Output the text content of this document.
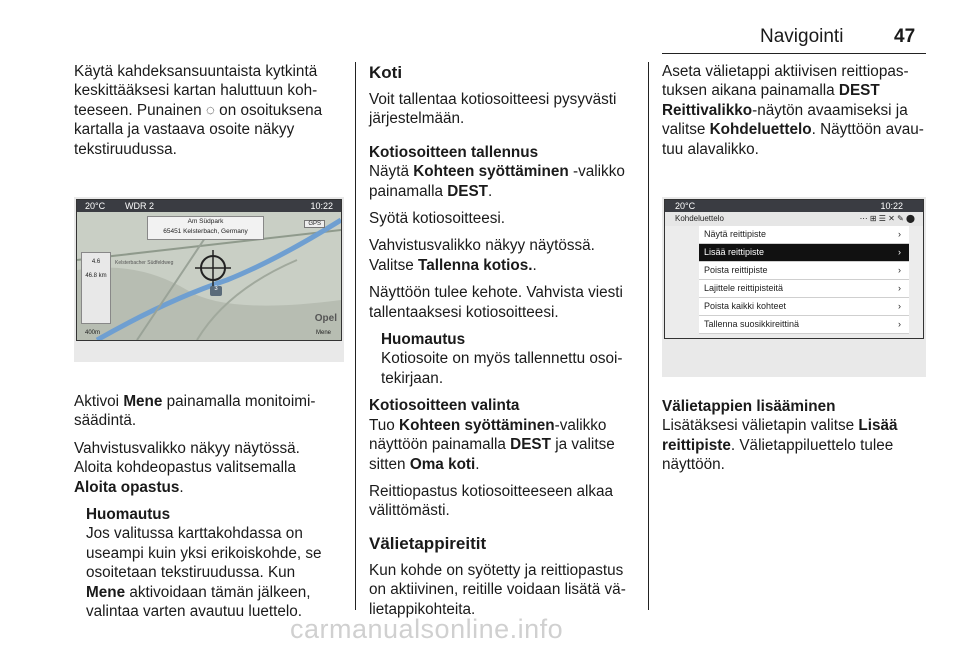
Navigointi	47

Käytä kahdeksansuuntaista kytkintä
keskittääksesi kartan haluttuun koh-
teeseen. Punainen ◌ on osoituksena
kartalla ja vastaava osoite näkyy
tekstiruudussa.

20°C WDR 2	10:22
Am Südpark
65451 Kelsterbach, Germany
GPS
Kelsterbacher Südfeldweg
4.6
46.8 km
3
400m
Opel
Mene

Aktivoi Mene painamalla monitoimi-
säädintä.

Vahvistusvalikko näkyy näytössä.
Aloita kohdeopastus valitsemalla
Aloita opastus.

Huomautus

Jos valitussa karttakohdassa on

useampi kuin yksi erikoiskohde, se

osoitetaan tekstiruudussa. Kun

Mene aktivoidaan tämän jälkeen,

valintaa varten avautuu luettelo.

Koti

Voit tallentaa kotiosoitteesi pysyvästi
järjestelmään.

Kotiosoitteen tallennus

Näytä Kohteen syöttäminen -valikko
painamalla DEST.

Syötä kotiosoitteesi.

Vahvistusvalikko näkyy näytössä.
Valitse Tallenna kotios..

Näyttöön tulee kehote. Vahvista viesti
tallentaaksesi kotiosoitteesi.

Huomautus

Kotiosoite on myös tallennettu osoi-

tekirjaan.

Kotiosoitteen valinta

Tuo Kohteen syöttäminen-valikko
näyttöön painamalla DEST ja valitse
sitten Oma koti.

Reittiopastus kotiosoitteeseen alkaa
välittömästi.

Välietappireitit

Kun kohde on syötetty ja reittiopastus
on aktiivinen, reitille voidaan lisätä vä-
lietappikohteita.

Aseta välietappi aktiivisen reittiopas-
tuksen aikana painamalla DEST
Reittivalikko-näytön avaamiseksi ja
valitse Kohdeluettelo. Näyttöön avau-
tuu alavalikko.

20°C	10:22
Kohdeluettelo	⋯ ⊞ ☰ ✕ ✎ ⬤
Näytä reittipiste	›
Lisää reittipiste	›
Poista reittipiste	›
Lajittele reittipisteitä	›
Poista kaikki kohteet	›
Tallenna suosikkireittinä	›

Välietappien lisääminen

Lisätäksesi välietapin valitse Lisää
reittipiste. Välietappiluettelo tulee
näyttöön.

carmanualsonline.info
